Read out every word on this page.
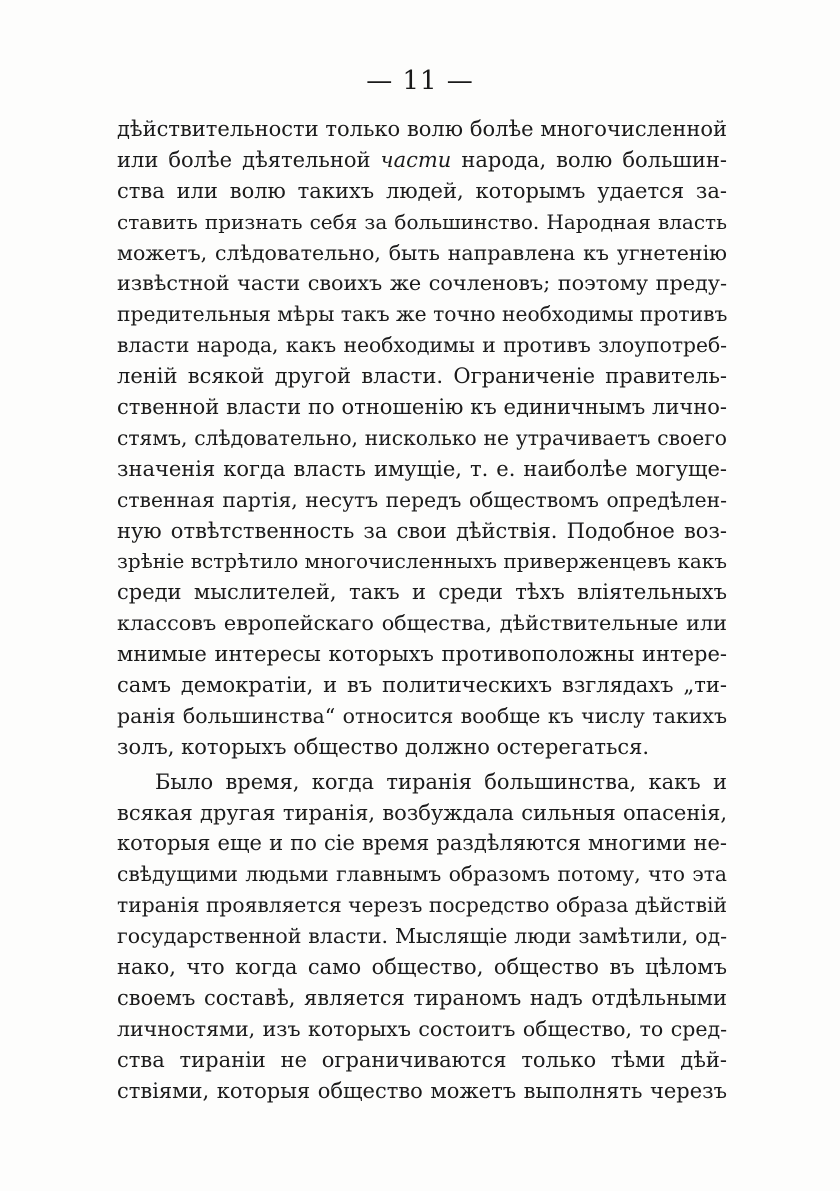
— 11 —
дѣйствительности только волю болѣе многочисленной
или болѣе дѣятельной части народа, волю большин-
ства или волю такихъ людей, которымъ удается за-
ставить признать себя за большинство. Народная власть
можетъ, слѣдовательно, быть направлена къ угнетенію
извѣстной части своихъ же сочленовъ; поэтому преду-
предительныя мѣры такъ же точно необходимы противъ
власти народа, какъ необходимы и противъ злоупотреб-
леній всякой другой власти. Ограниченіе правитель-
ственной власти по отношенію къ единичнымъ лично-
стямъ, слѣдовательно, нисколько не утрачиваетъ своего
значенія когда власть имущіе, т. е. наиболѣе могуще-
ственная партія, несутъ передъ обществомъ опредѣлен-
ную отвѣтственность за свои дѣйствія. Подобное воз-
зрѣніе встрѣтило многочисленныхъ приверженцевъ какъ
среди мыслителей, такъ и среди тѣхъ вліятельныхъ
классовъ европейскаго общества, дѣйствительные или
мнимые интересы которыхъ противоположны интере-
самъ демократіи, и въ политическихъ взглядахъ „ти-
ранія большинства“ относится вообще къ числу такихъ
золъ, которыхъ общество должно остерегаться.
Было время, когда тиранія большинства, какъ и
всякая другая тиранія, возбуждала сильныя опасенія,
которыя еще и по сіе время раздѣляются многими не-
свѣдущими людьми главнымъ образомъ потому, что эта
тиранія проявляется черезъ посредство образа дѣйствій
государственной власти. Мыслящіе люди замѣтили, од-
нако, что когда само общество, общество въ цѣломъ
своемъ составѣ, является тираномъ надъ отдѣльными
личностями, изъ которыхъ состоитъ общество, то сред-
ства тираніи не ограничиваются только тѣми дѣй-
ствіями, которыя общество можетъ выполнять черезъ
